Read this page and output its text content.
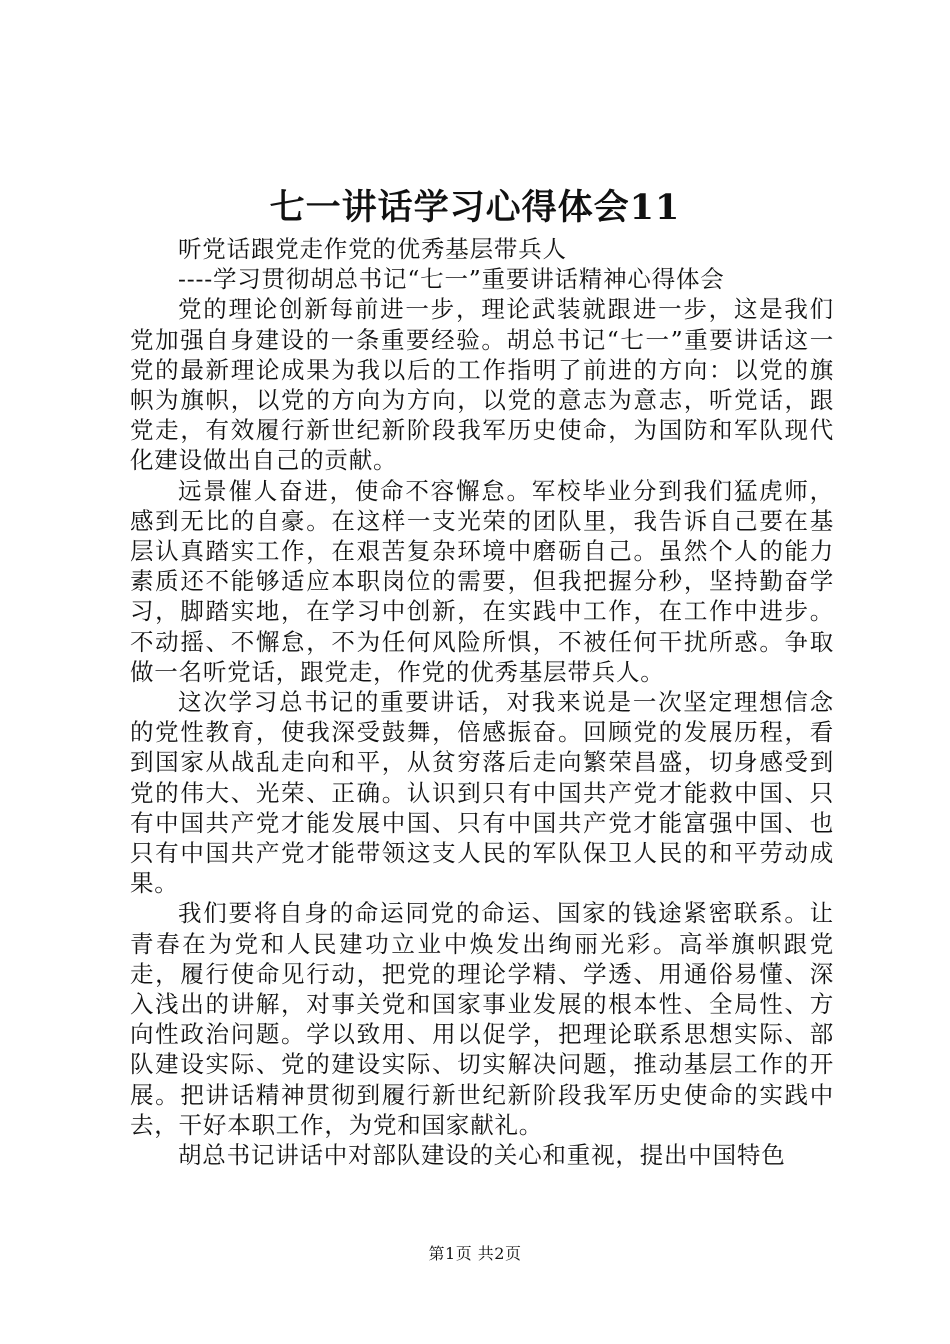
七一讲话学习心得体会11

听党话跟党走作党的优秀基层带兵人

----学习贯彻胡总书记“七一”重要讲话精神心得体会

党的理论创新每前进一步，理论武装就跟进一步，这是我们党加强自身建设的一条重要经验。胡总书记“七一”重要讲话这一党的最新理论成果为我以后的工作指明了前进的方向：以党的旗帜为旗帜，以党的方向为方向，以党的意志为意志，听党话，跟党走，有效履行新世纪新阶段我军历史使命，为国防和军队现代化建设做出自己的贡献。

远景催人奋进，使命不容懈怠。军校毕业分到我们猛虎师，感到无比的自豪。在这样一支光荣的团队里，我告诉自己要在基层认真踏实工作，在艰苦复杂环境中磨砺自己。虽然个人的能力素质还不能够适应本职岗位的需要，但我把握分秒，坚持勤奋学习，脚踏实地，在学习中创新，在实践中工作，在工作中进步。不动摇、不懈怠，不为任何风险所惧，不被任何干扰所惑。争取做一名听党话，跟党走，作党的优秀基层带兵人。

这次学习总书记的重要讲话，对我来说是一次坚定理想信念的党性教育，使我深受鼓舞，倍感振奋。回顾党的发展历程，看到国家从战乱走向和平，从贫穷落后走向繁荣昌盛，切身感受到党的伟大、光荣、正确。认识到只有中国共产党才能救中国、只有中国共产党才能发展中国、只有中国共产党才能富强中国、也只有中国共产党才能带领这支人民的军队保卫人民的和平劳动成果。

我们要将自身的命运同党的命运、国家的钱途紧密联系。让青春在为党和人民建功立业中焕发出绚丽光彩。高举旗帜跟党走，履行使命见行动，把党的理论学精、学透、用通俗易懂、深入浅出的讲解，对事关党和国家事业发展的根本性、全局性、方向性政治问题。学以致用、用以促学，把理论联系思想实际、部队建设实际、党的建设实际、切实解决问题，推动基层工作的开展。把讲话精神贯彻到履行新世纪新阶段我军历史使命的实践中去，干好本职工作，为党和国家献礼。

胡总书记讲话中对部队建设的关心和重视，提出中国特色

第1页 共2页
